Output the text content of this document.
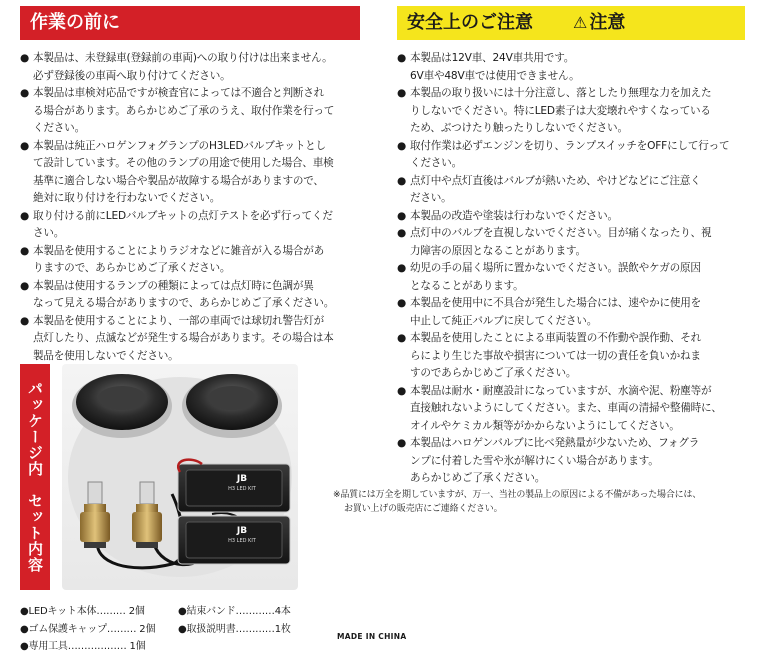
作業の前に
● 本製品は、未登録車(登録前の車両)への取り付けは出来ません。
必ず登録後の車両へ取り付けてください。
● 本製品は車検対応品ですが検査官によっては不適合と判断され
る場合があります。あらかじめご了承のうえ、取付作業を行って
ください。
● 本製品は純正ハロゲンフォグランプのH3LEDバルブキットとし
て設計しています。その他のランプの用途で使用した場合、車検
基準に適合しない場合や製品が故障する場合がありますので、
絶対に取り付けを行わないでください。
● 取り付ける前にLEDバルブキットの点灯テストを必ず行ってくだ
さい。
● 本製品を使用することによりラジオなどに雑音が入る場合があ
りますので、あらかじめご了承ください。
● 本製品は使用するランプの種類によっては点灯時に色調が異
なって見える場合がありますので、あらかじめご了承ください。
● 本製品を使用することにより、一部の車両では球切れ警告灯が
点灯したり、点滅などが発生する場合があります。その場合は本
製品を使用しないでください。
安全上のご注意	⚠ 注意
● 本製品は12V車、24V車共用です。
6V車や48V車では使用できません。
● 本製品の取り扱いには十分注意し、落としたり無理な力を加えた
りしないでください。特にLED素子は大変壊れやすくなっている
ため、ぶつけたり触ったりしないでください。
● 取付作業は必ずエンジンを切り、ランプスイッチをOFFにして行って
ください。
● 点灯中や点灯直後はバルブが熱いため、やけどなどにご注意く
ださい。
● 本製品の改造や塗装は行わないでください。
● 点灯中のバルブを直視しないでください。目が痛くなったり、視
力障害の原因となることがあります。
● 幼児の手の届く場所に置かないでください。誤飲やケガの原因
となることがあります。
● 本製品を使用中に不具合が発生した場合には、速やかに使用を
中止して純正バルブに戻してください。
● 本製品を使用したことによる車両装置の不作動や誤作動、それ
らにより生じた事故や損害については一切の責任を負いかねま
すのであらかじめご了承ください。
● 本製品は耐水・耐塵設計になっていますが、水滴や泥、粉塵等が
直接触れないようにしてください。また、車両の清掃や整備時に、
オイルやケミカル類等がかからないようにしてください。
● 本製品はハロゲンバルブに比べ発熱量が少ないため、フォグラ
ンプに付着した雪や氷が解けにくい場合があります。
あらかじめご了承ください。
※品質には万全を期していますが、万一、当社の製品上の原因による不備があった場合には、
お買い上げの販売店にご連絡ください。
パッケージ内　セット内容	JB
H3 LED KIT
JB
H3 LED KIT
●LEDキット本体……… 2個
●ゴム保護キャップ……… 2個
●専用工具……………… 1個
●結束バンド…………4本
●取扱説明書…………1枚
MADE IN CHINA
